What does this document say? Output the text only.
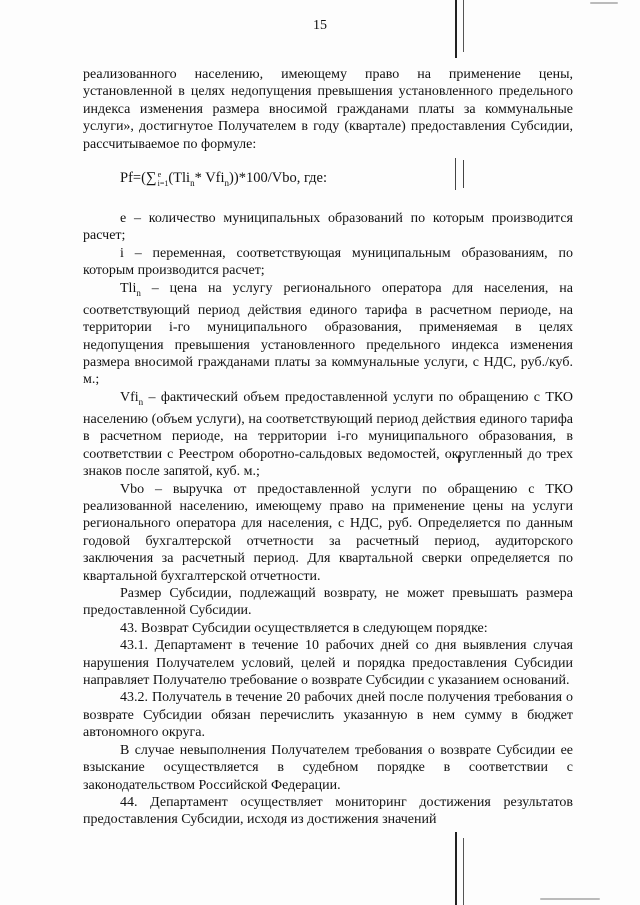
15

реализованного населению, имеющему право на применение цены, установленной в целях недопущения превышения установленного предельного индекса изменения размера вносимой гражданами платы за коммунальные услуги», достигнутое Получателем в году (квартале) предоставления Субсидии, рассчитываемое по формуле:

Pf=(∑ e
i=1 (Tli$_n$* Vfi$_n$))*100/Vbo, где:

е – количество муниципальных образований по которым производится расчет;

i – переменная, соответствующая муниципальным образованиям, по которым производится расчет;

Tli$_n$ – цена на услугу регионального оператора для населения, на соответствующий период действия единого тарифа в расчетном периоде, на территории i-го муниципального образования, применяемая в целях недопущения превышения установленного предельного индекса изменения размера вносимой гражданами платы за коммунальные услуги, с НДС, руб./куб. м.;

Vfi$_n$ – фактический объем предоставленной услуги по обращению с ТКО населению (объем услуги), на соответствующий период действия единого тарифа в расчетном периоде, на территории i-го муниципального образования, в соответствии с Реестром оборотно-сальдовых ведомостей, округленный до трех знаков после запятой, куб. м.;

Vbo – выручка от предоставленной услуги по обращению с ТКО реализованной населению, имеющему право на применение цены на услуги регионального оператора для населения, с НДС, руб. Определяется по данным годовой бухгалтерской отчетности за расчетный период, аудиторского заключения за расчетный период. Для квартальной сверки определяется по квартальной бухгалтерской отчетности.

Размер Субсидии, подлежащий возврату, не может превышать размера предоставленной Субсидии.

43. Возврат Субсидии осуществляется в следующем порядке:

43.1. Департамент в течение 10 рабочих дней со дня выявления случая нарушения Получателем условий, целей и порядка предоставления Субсидии направляет Получателю требование о возврате Субсидии с указанием оснований.

43.2. Получатель в течение 20 рабочих дней после получения требования о возврате Субсидии обязан перечислить указанную в нем сумму в бюджет автономного округа.

В случае невыполнения Получателем требования о возврате Субсидии ее взыскание осуществляется в судебном порядке в соответствии с законодательством Российской Федерации.

44. Департамент осуществляет мониторинг достижения результатов предоставления Субсидии, исходя из достижения значений
